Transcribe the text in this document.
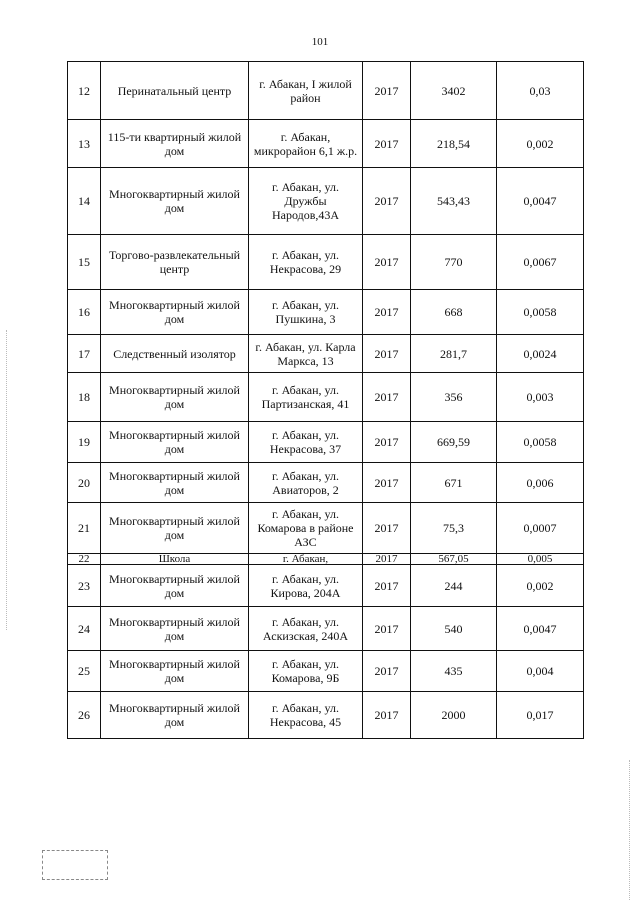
101
12	Перинатальный центр	г. Абакан, I жилой район	2017	3402	0,03
13	115-ти квартирный жилой дом	г. Абакан, микрорайон 6,1 ж.р.	2017	218,54	0,002
14	Многоквартирный жилой дом	г. Абакан, ул. Дружбы Народов,43А	2017	543,43	0,0047
15	Торгово-развлекательный центр	г. Абакан, ул. Некрасова, 29	2017	770	0,0067
16	Многоквартирный жилой дом	г. Абакан, ул. Пушкина, 3	2017	668	0,0058
17	Следственный изолятор	г. Абакан, ул. Карла Маркса, 13	2017	281,7	0,0024
18	Многоквартирный жилой дом	г. Абакан, ул. Партизанская, 41	2017	356	0,003
19	Многоквартирный жилой дом	г. Абакан, ул. Некрасова, 37	2017	669,59	0,0058
20	Многоквартирный жилой дом	г. Абакан, ул. Авиаторов, 2	2017	671	0,006
21	Многоквартирный жилой дом	г. Абакан, ул. Комарова в районе АЗС	2017	75,3	0,0007
22	Школа	г. Абакан,	2017	567,05	0,005
23	Многоквартирный жилой дом	г. Абакан, ул. Кирова, 204А	2017	244	0,002
24	Многоквартирный жилой дом	г. Абакан, ул. Аскизская, 240А	2017	540	0,0047
25	Многоквартирный жилой дом	г. Абакан, ул. Комарова, 9Б	2017	435	0,004
26	Многоквартирный жилой дом	г. Абакан, ул. Некрасова, 45	2017	2000	0,017
